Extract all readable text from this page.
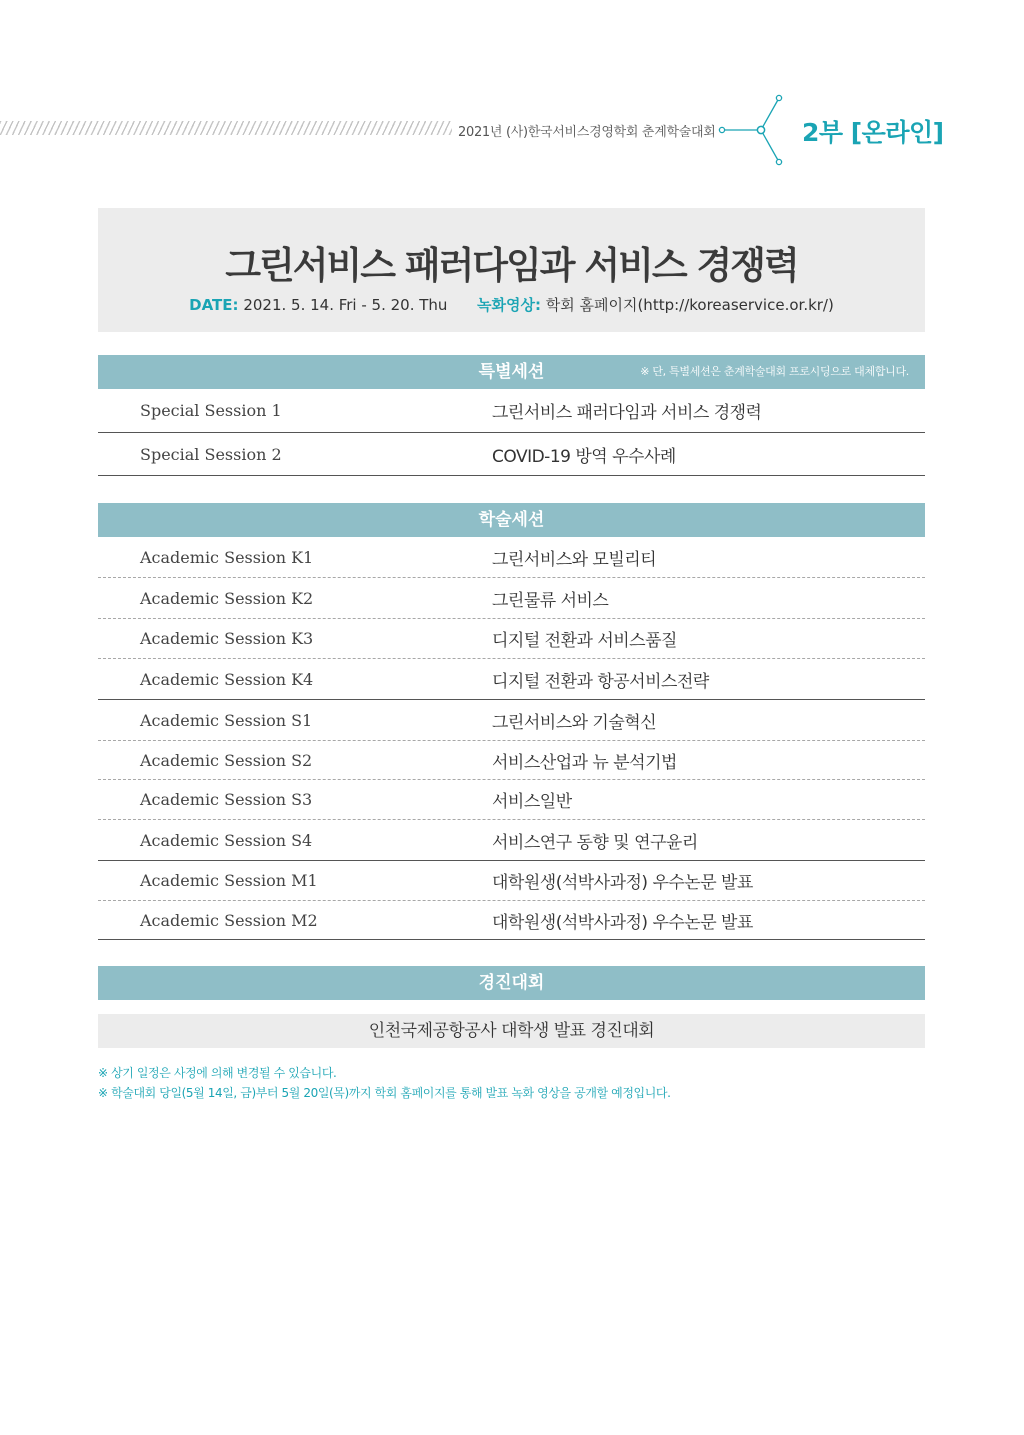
2021년 (사)한국서비스경영학회 춘계학술대회	2부 [온라인]
그린서비스 패러다임과 서비스 경쟁력
DATE: 2021. 5. 14. Fri - 5. 20. Thu 녹화영상: 학회 홈페이지(http://koreaservice.or.kr/)
특별세션	※ 단, 특별세션은 춘계학술대회 프로시딩으로 대체합니다.
Special Session 1	그린서비스 패러다임과 서비스 경쟁력
Special Session 2	COVID-19 방역 우수사례
학술세션
Academic Session K1	그린서비스와 모빌리티
Academic Session K2	그린물류 서비스
Academic Session K3	디지털 전환과 서비스품질
Academic Session K4	디지털 전환과 항공서비스전략
Academic Session S1	그린서비스와 기술혁신
Academic Session S2	서비스산업과 뉴 분석기법
Academic Session S3	서비스일반
Academic Session S4	서비스연구 동향 및 연구윤리
Academic Session M1	대학원생(석박사과정) 우수논문 발표
Academic Session M2	대학원생(석박사과정) 우수논문 발표
경진대회
인천국제공항공사 대학생 발표 경진대회
※ 상기 일정은 사정에 의해 변경될 수 있습니다.
※ 학술대회 당일(5월 14일, 금)부터 5월 20일(목)까지 학회 홈페이지를 통해 발표 녹화 영상을 공개할 예정입니다.
